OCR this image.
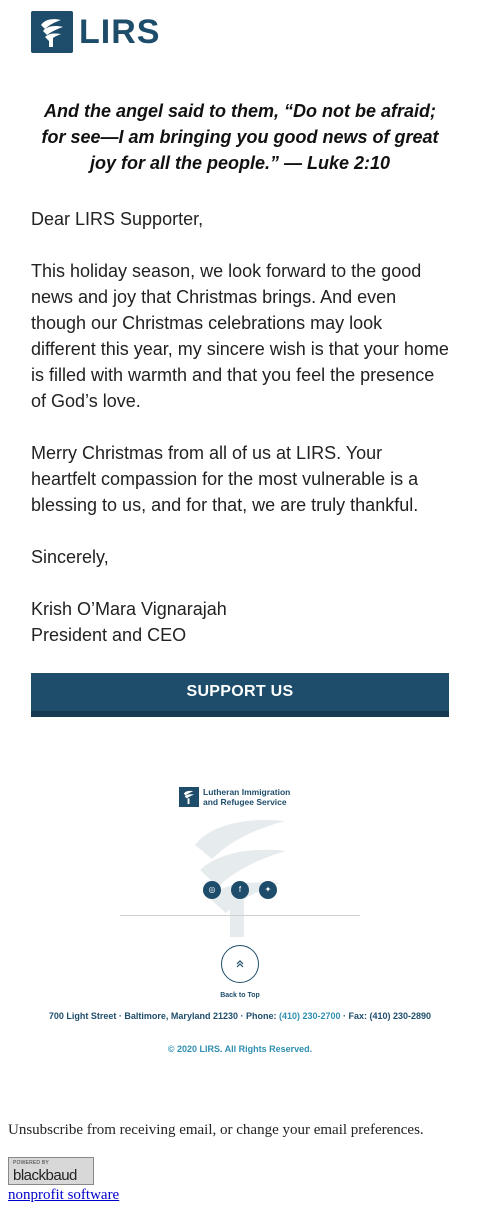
LIRS
And the angel said to them, “Do not be afraid; for see—I am bringing you good news of great joy for all the people.” — Luke 2:10

Dear LIRS Supporter,

This holiday season, we look forward to the good news and joy that Christmas brings. And even though our Christmas celebrations may look different this year, my sincere wish is that your home is filled with warmth and that you feel the presence of God’s love.

Merry Christmas from all of us at LIRS. Your heartfelt compassion for the most vulnerable is a blessing to us, and for that, we are truly thankful.

Sincerely,

Krish O’Mara Vignarajah
President and CEO
SUPPORT US
Lutheran Immigration
and Refugee Service
◎	f	✦
Back to Top
700 Light Street · Baltimore, Maryland 21230 · Phone: (410) 230-2700 · Fax: (410) 230-2890
© 2020 LIRS. All Rights Reserved.
Unsubscribe from receiving email, or change your email preferences.
POWERED BY
blackbaud
nonprofit software
